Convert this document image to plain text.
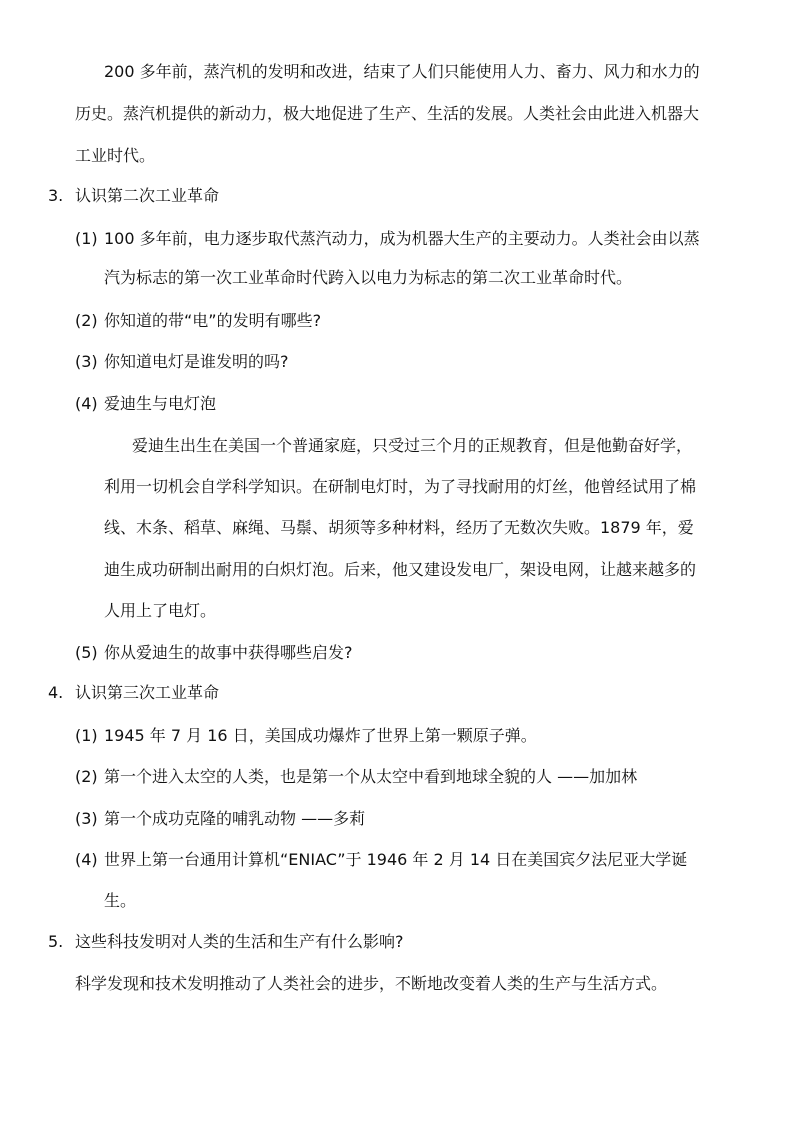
200 多年前，蒸汽机的发明和改进，结束了人们只能使用人力、畜力、风力和水力的
历史。蒸汽机提供的新动力，极大地促进了生产、生活的发展。人类社会由此进入机器大
工业时代。
3. 认识第二次工业革命
(1) 100 多年前，电力逐步取代蒸汽动力，成为机器大生产的主要动力。人类社会由以蒸
汽为标志的第一次工业革命时代跨入以电力为标志的第二次工业革命时代。
(2) 你知道的带“电”的发明有哪些?
(3) 你知道电灯是谁发明的吗?
(4) 爱迪生与电灯泡
爱迪生出生在美国一个普通家庭，只受过三个月的正规教育，但是他勤奋好学，
利用一切机会自学科学知识。在研制电灯时，为了寻找耐用的灯丝，他曾经试用了棉
线、木条、稻草、麻绳、马鬃、胡须等多种材料，经历了无数次失败。1879 年，爱
迪生成功研制出耐用的白炽灯泡。后来，他又建设发电厂，架设电网，让越来越多的
人用上了电灯。
(5) 你从爱迪生的故事中获得哪些启发?
4. 认识第三次工业革命
(1) 1945 年 7 月 16 日，美国成功爆炸了世界上第一颗原子弹。
(2) 第一个进入太空的人类，也是第一个从太空中看到地球全貌的人 ——加加林
(3) 第一个成功克隆的哺乳动物 ——多莉
(4) 世界上第一台通用计算机“ENIAC”于 1946 年 2 月 14 日在美国宾夕法尼亚大学诞
生。
5. 这些科技发明对人类的生活和生产有什么影响?
科学发现和技术发明推动了人类社会的进步，不断地改变着人类的生产与生活方式。
